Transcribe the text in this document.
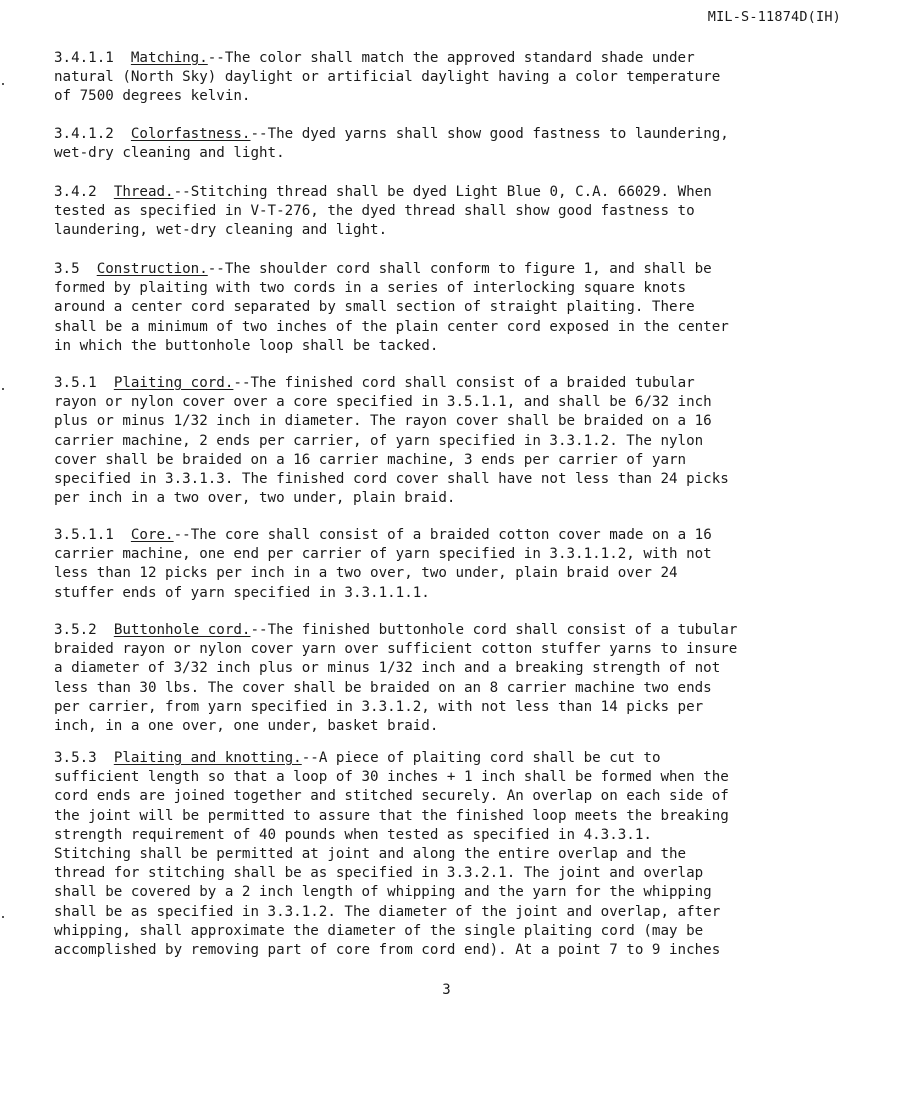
MIL-S-11874D(IH)
3.4.1.1 Matching.--The color shall match the approved standard shade under
natural (North Sky) daylight or artificial daylight having a color temperature
of 7500 degrees kelvin.
3.4.1.2 Colorfastness.--The dyed yarns shall show good fastness to laundering,
wet-dry cleaning and light.
3.4.2 Thread.--Stitching thread shall be dyed Light Blue 0, C.A. 66029. When
tested as specified in V-T-276, the dyed thread shall show good fastness to
laundering, wet-dry cleaning and light.
3.5 Construction.--The shoulder cord shall conform to figure 1, and shall be
formed by plaiting with two cords in a series of interlocking square knots
around a center cord separated by small section of straight plaiting. There
shall be a minimum of two inches of the plain center cord exposed in the center
in which the buttonhole loop shall be tacked.
3.5.1 Plaiting cord.--The finished cord shall consist of a braided tubular
rayon or nylon cover over a core specified in 3.5.1.1, and shall be 6/32 inch
plus or minus 1/32 inch in diameter. The rayon cover shall be braided on a 16
carrier machine, 2 ends per carrier, of yarn specified in 3.3.1.2. The nylon
cover shall be braided on a 16 carrier machine, 3 ends per carrier of yarn
specified in 3.3.1.3. The finished cord cover shall have not less than 24 picks
per inch in a two over, two under, plain braid.
3.5.1.1 Core.--The core shall consist of a braided cotton cover made on a 16
carrier machine, one end per carrier of yarn specified in 3.3.1.1.2, with not
less than 12 picks per inch in a two over, two under, plain braid over 24
stuffer ends of yarn specified in 3.3.1.1.1.
3.5.2 Buttonhole cord.--The finished buttonhole cord shall consist of a tubular
braided rayon or nylon cover yarn over sufficient cotton stuffer yarns to insure
a diameter of 3/32 inch plus or minus 1/32 inch and a breaking strength of not
less than 30 lbs. The cover shall be braided on an 8 carrier machine two ends
per carrier, from yarn specified in 3.3.1.2, with not less than 14 picks per
inch, in a one over, one under, basket braid.
3.5.3 Plaiting and knotting.--A piece of plaiting cord shall be cut to
sufficient length so that a loop of 30 inches + 1 inch shall be formed when the
cord ends are joined together and stitched securely. An overlap on each side of
the joint will be permitted to assure that the finished loop meets the breaking
strength requirement of 40 pounds when tested as specified in 4.3.3.1.
Stitching shall be permitted at joint and along the entire overlap and the
thread for stitching shall be as specified in 3.3.2.1. The joint and overlap
shall be covered by a 2 inch length of whipping and the yarn for the whipping
shall be as specified in 3.3.1.2. The diameter of the joint and overlap, after
whipping, shall approximate the diameter of the single plaiting cord (may be
accomplished by removing part of core from cord end). At a point 7 to 9 inches
3
